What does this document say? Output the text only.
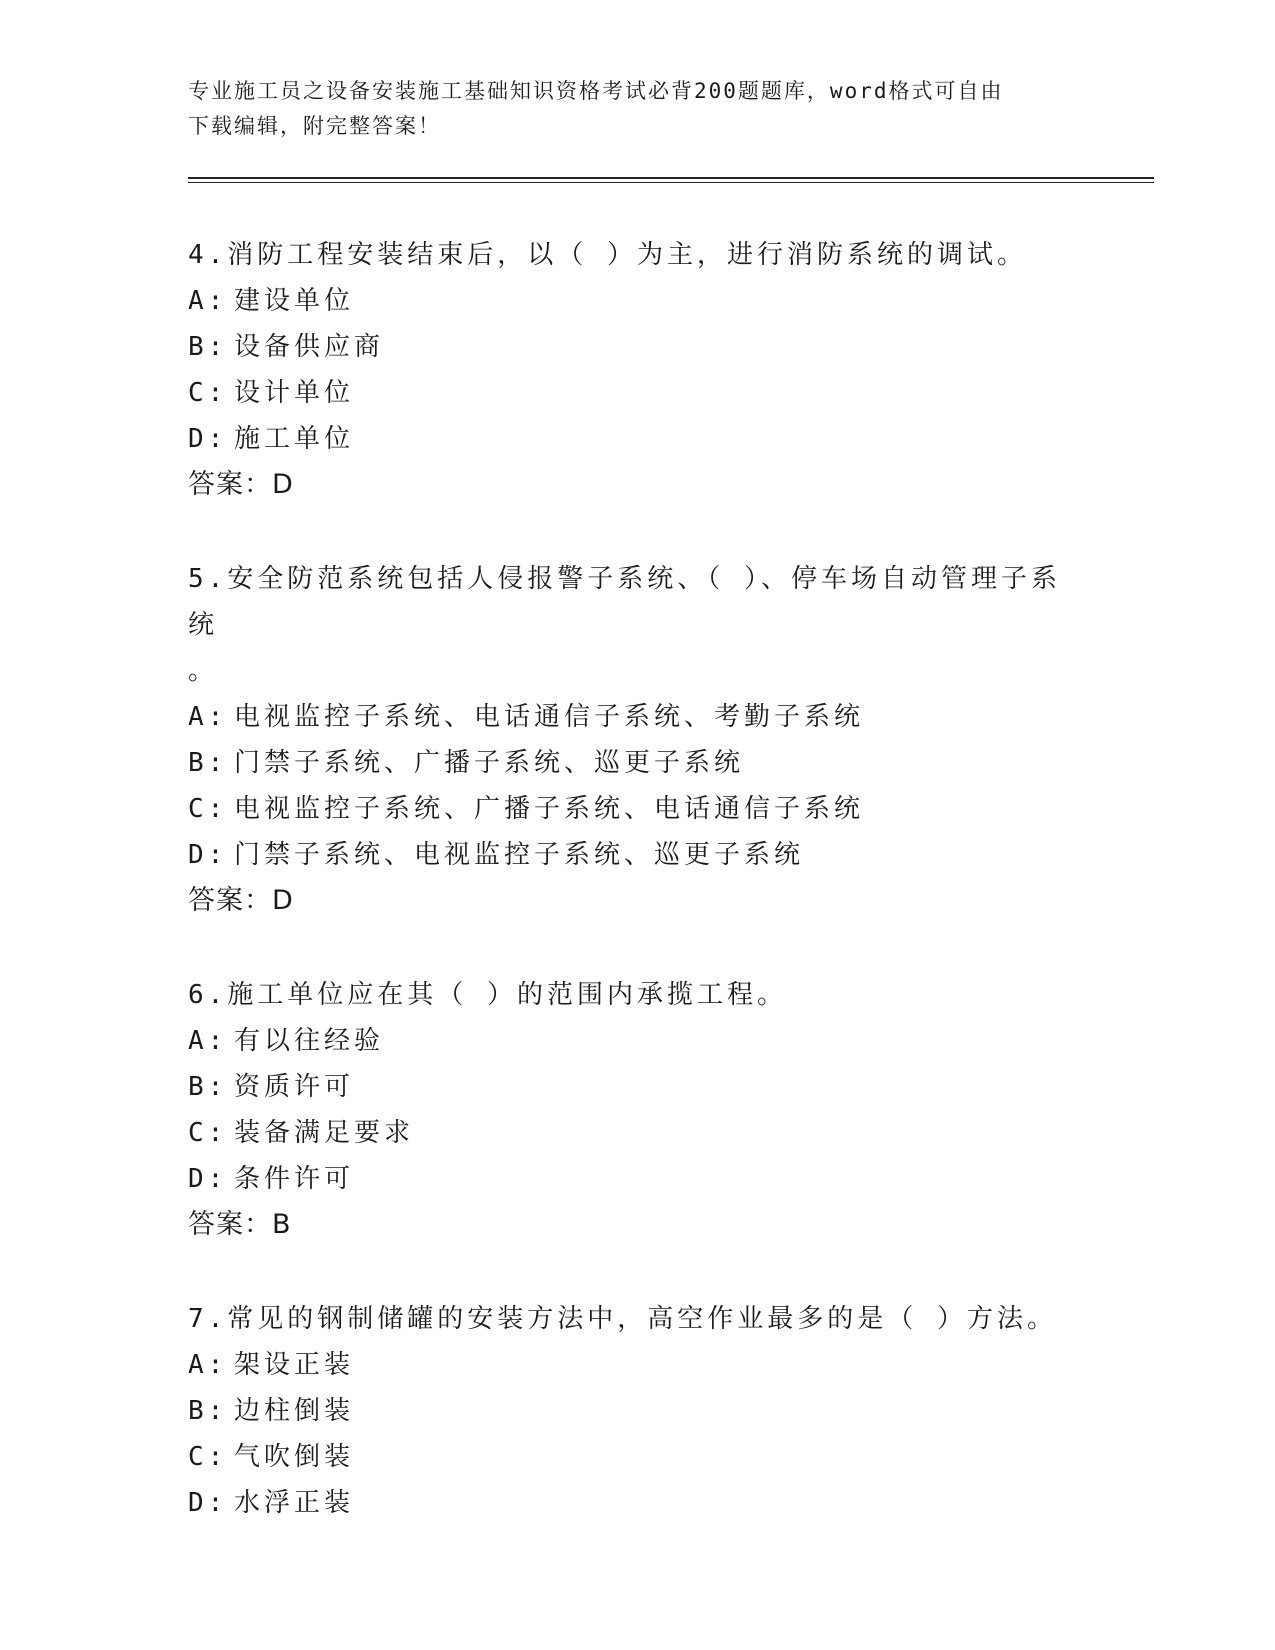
专业施工员之设备安装施工基础知识资格考试必背200题题库，word格式可自由
下载编辑，附完整答案！
4.消防工程安装结束后，以（ ）为主，进行消防系统的调试。
A: 建设单位
B: 设备供应商
C: 设计单位
D: 施工单位
答案：D
5.安全防范系统包括人侵报警子系统、（ ）、停车场自动管理子系统
。
A: 电视监控子系统、电话通信子系统、考勤子系统
B: 门禁子系统、广播子系统、巡更子系统
C: 电视监控子系统、广播子系统、电话通信子系统
D: 门禁子系统、电视监控子系统、巡更子系统
答案：D
6.施工单位应在其（ ）的范围内承揽工程。
A: 有以往经验
B: 资质许可
C: 装备满足要求
D: 条件许可
答案：B
7.常见的钢制储罐的安装方法中，高空作业最多的是（ ）方法。
A: 架设正装
B: 边柱倒装
C: 气吹倒装
D: 水浮正装
